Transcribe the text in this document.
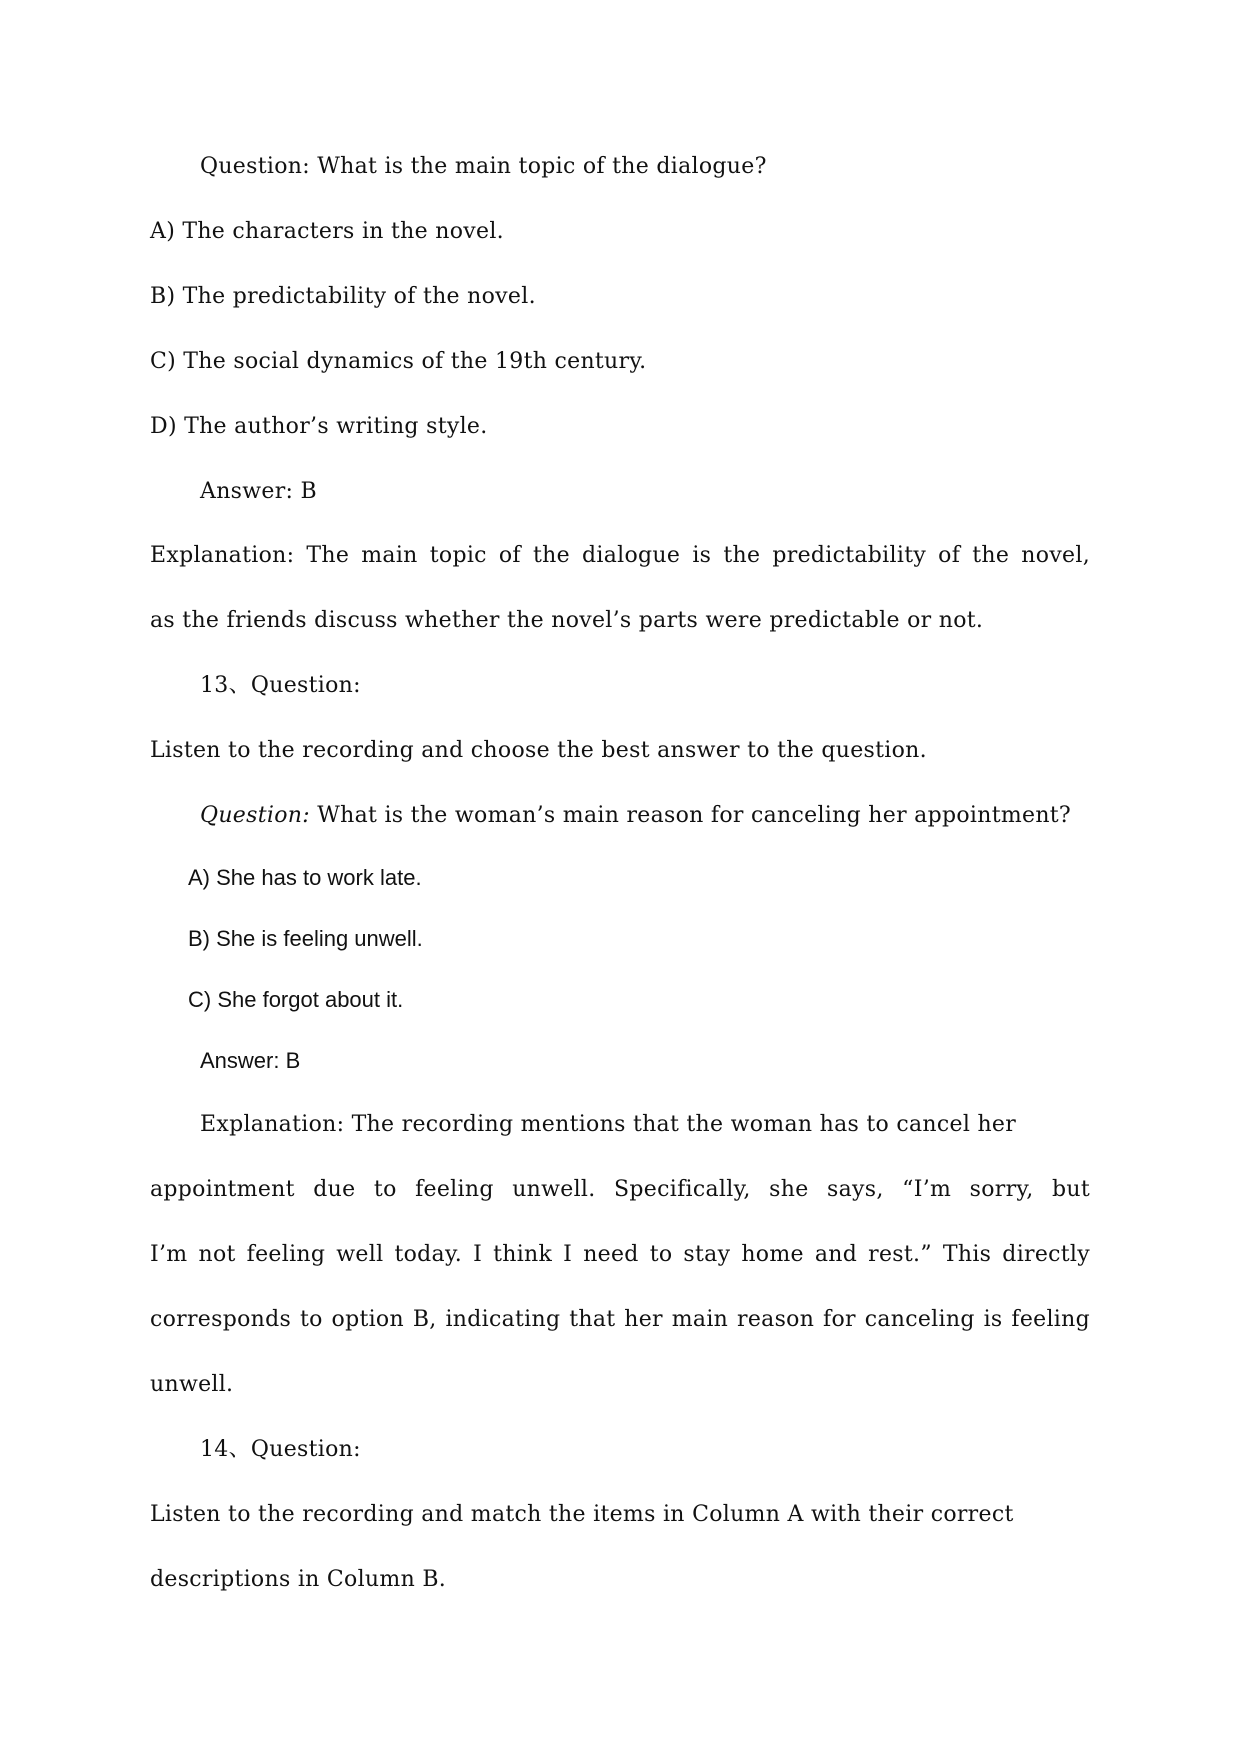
Question: What is the main topic of the dialogue?
A) The characters in the novel.
B) The predictability of the novel.
C) The social dynamics of the 19th century.
D) The author’s writing style.
Answer: B
Explanation: The main topic of the dialogue is the predictability of the novel,
as the friends discuss whether the novel’s parts were predictable or not.
13、Question:
Listen to the recording and choose the best answer to the question.
Question: What is the woman’s main reason for canceling her appointment?
A) She has to work late.
B) She is feeling unwell.
C) She forgot about it.
Answer: B
Explanation: The recording mentions that the woman has to cancel her
appointment due to feeling unwell. Specifically, she says, “I’m sorry, but
I’m not feeling well today. I think I need to stay home and rest.” This directly
corresponds to option B, indicating that her main reason for canceling is feeling
unwell.
14、Question:
Listen to the recording and match the items in Column A with their correct
descriptions in Column B.
